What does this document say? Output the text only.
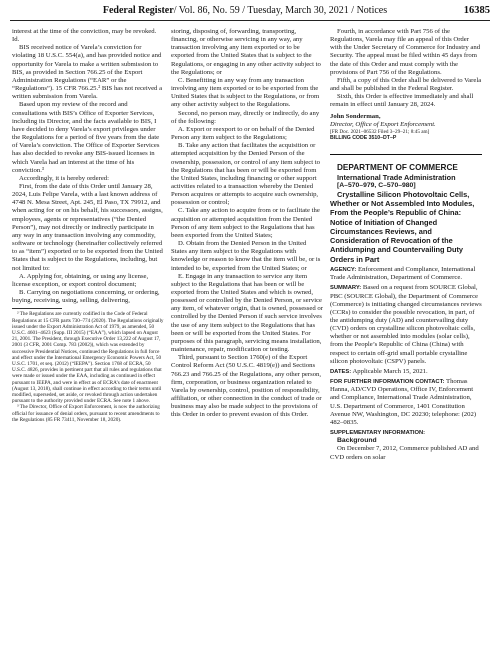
Federal Register/ Vol. 86, No. 59 / Tuesday, March 30, 2021 / Notices	16385

interest at the time of the conviction, may be revoked. Id.

BIS received notice of Varela’s conviction for violating 18 U.S.C. 554(a), and has provided notice and opportunity for Varela to make a written submission to BIS, as provided in Section 766.25 of the Export Administration Regulations (“EAR” or the “Regulations”). 15 CFR 766.25.² BIS has not received a written submission from Varela.

Based upon my review of the record and consultations with BIS’s Office of Exporter Services, including its Director, and the facts available to BIS, I have decided to deny Varela’s export privileges under the Regulations for a period of five years from the date of Varela’s conviction. The Office of Exporter Services has also decided to revoke any BIS-issued licenses in which Varela had an interest at the time of his conviction.³

Accordingly, it is hereby ordered:

First, from the date of this Order until January 28, 2024, Luis Felipe Varela, with a last known address of 4748 N. Mesa Street, Apt. 245, El Paso, TX 79912, and when acting for or on his behalf, his successors, assigns, employees, agents or representatives (“the Denied Person”), may not directly or indirectly participate in any way in any transaction involving any commodity, software or technology (hereinafter collectively referred to as “item”) exported or to be exported from the United States that is subject to the Regulations, including, but not limited to:

A. Applying for, obtaining, or using any license, license exception, or export control document;

B. Carrying on negotiations concerning, or ordering, buying, receiving, using, selling, delivering,

² The Regulations are currently codified in the Code of Federal Regulations at 15 CFR parts 730–774 (2020). The Regulations originally issued under the Export Administration Act of 1979, as amended, 50 U.S.C. 4601–4623 (Supp. III 2015) (“EAA”), which lapsed on August 21, 2001. The President, through Executive Order 13,222 of August 17, 2001 (3 CFR, 2001 Comp. 783 (2002)), which was extended by successive Presidential Notices, continued the Regulations in full force and effect under the International Emergency Economic Powers Act, 50 U.S.C. 1701, et seq. (2012) (“IEEPA”). Section 1768 of ECRA, 50 U.S.C. 4826, provides in pertinent part that all rules and regulations that were made or issued under the EAA, including as continued in effect pursuant to IEEPA, and were in effect as of ECRA’s date of enactment (August 13, 2018), shall continue in effect according to their terms until modified, superseded, set aside, or revoked through action undertaken pursuant to the authority provided under ECRA. See note 1 above.

³ The Director, Office of Export Enforcement, is now the authorizing official for issuance of denial orders, pursuant to recent amendments to the Regulations (85 FR 73411, November 18, 2020).

storing, disposing of, forwarding, transporting, financing, or otherwise servicing in any way, any transaction involving any item exported or to be exported from the United States that is subject to the Regulations, or engaging in any other activity subject to the Regulations; or

C. Benefitting in any way from any transaction involving any item exported or to be exported from the United States that is subject to the Regulations, or from any other activity subject to the Regulations.

Second, no person may, directly or indirectly, do any of the following:

A. Export or reexport to or on behalf of the Denied Person any item subject to the Regulations;

B. Take any action that facilitates the acquisition or attempted acquisition by the Denied Person of the ownership, possession, or control of any item subject to the Regulations that has been or will be exported from the United States, including financing or other support activities related to a transaction whereby the Denied Person acquires or attempts to acquire such ownership, possession or control;

C. Take any action to acquire from or to facilitate the acquisition or attempted acquisition from the Denied Person of any item subject to the Regulations that has been exported from the United States;

D. Obtain from the Denied Person in the United States any item subject to the Regulations with knowledge or reason to know that the item will be, or is intended to be, exported from the United States; or

E. Engage in any transaction to service any item subject to the Regulations that has been or will be exported from the United States and which is owned, possessed or controlled by the Denied Person, or service any item, of whatever origin, that is owned, possessed or controlled by the Denied Person if such service involves the use of any item subject to the Regulations that has been or will be exported from the United States. For purposes of this paragraph, servicing means installation, maintenance, repair, modification or testing.

Third, pursuant to Section 1760(e) of the Export Control Reform Act (50 U.S.C. 4819(e)) and Sections 766.23 and 766.25 of the Regulations, any other person, firm, corporation, or business organization related to Varela by ownership, control, position of responsibility, affiliation, or other connection in the conduct of trade or business may also be made subject to the provisions of this Order in order to prevent evasion of this Order.

Fourth, in accordance with Part 756 of the Regulations, Varela may file an appeal of this Order with the Under Secretary of Commerce for Industry and Security. The appeal must be filed within 45 days from the date of this Order and must comply with the provisions of Part 756 of the Regulations.

Fifth, a copy of this Order shall be delivered to Varela and shall be published in the Federal Register.

Sixth, this Order is effective immediately and shall remain in effect until January 28, 2024.

John Sonderman,

Director, Office of Export Enforcement.

[FR Doc. 2021–06532 Filed 3–29–21; 8:45 am]

BILLING CODE 3510–DT–P

DEPARTMENT OF COMMERCE

International Trade Administration

[A–570–979, C–570–980]

Crystalline Silicon Photovoltaic Cells, Whether or Not Assembled Into Modules, From the People’s Republic of China: Notice of Initiation of Changed Circumstances Reviews, and Consideration of Revocation of the Antidumping and Countervailing Duty Orders in Part

AGENCY: Enforcement and Compliance, International Trade Administration, Department of Commerce.

SUMMARY: Based on a request from SOURCE Global, PBC (SOURCE Global), the Department of Commerce (Commerce) is initiating changed circumstances reviews (CCRs) to consider the possible revocation, in part, of the antidumping duty (AD) and countervailing duty (CVD) orders on crystalline silicon photovoltaic cells, whether or not assembled into modules (solar cells), from the People’s Republic of China (China) with respect to certain off-grid small portable crystalline silicon photovoltaic (CSPV) panels.

DATES: Applicable March 15, 2021.

FOR FURTHER INFORMATION CONTACT: Thomas Hanna, AD/CVD Operations, Office IV, Enforcement and Compliance, International Trade Administration, U.S. Department of Commerce, 1401 Constitution Avenue NW, Washington, DC 20230; telephone: (202) 482–0835.

SUPPLEMENTARY INFORMATION:

Background

On December 7, 2012, Commerce published AD and CVD orders on solar
